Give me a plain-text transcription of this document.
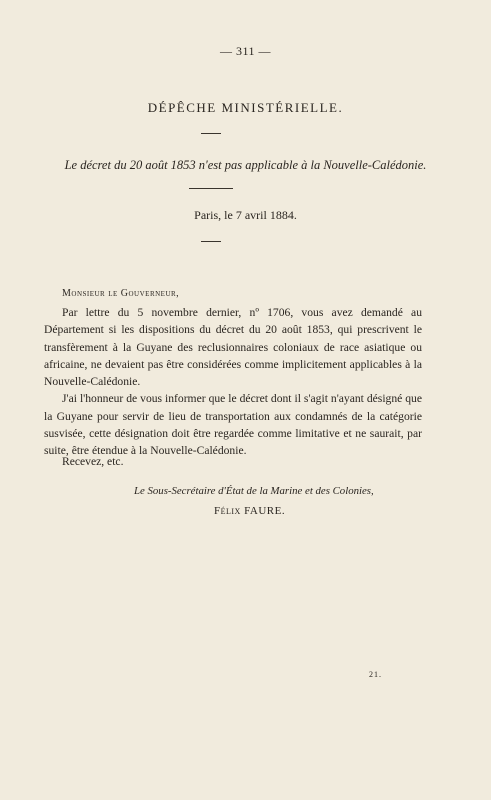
— 311 —
DÉPÊCHE MINISTÉRIELLE.
Le décret du 20 août 1853 n'est pas applicable à la Nouvelle-Calédonie.
Paris, le 7 avril 1884.
Monsieur le Gouverneur,

Par lettre du 5 novembre dernier, nº 1706, vous avez demandé au Département si les dispositions du décret du 20 août 1853, qui prescrivent le transfèrement à la Guyane des reclusionnaires coloniaux de race asiatique ou africaine, ne devaient pas être considérées comme implicitement applicables à la Nouvelle-Calédonie.

J'ai l'honneur de vous informer que le décret dont il s'agit n'ayant désigné que la Guyane pour servir de lieu de transportation aux condamnés de la catégorie susvisée, cette désignation doit être regardée comme limitative et ne saurait, par suite, être étendue à la Nouvelle-Calédonie.

Recevez, etc.
Le Sous-Secrétaire d'État de la Marine et des Colonies,
Félix FAURE.
21.
